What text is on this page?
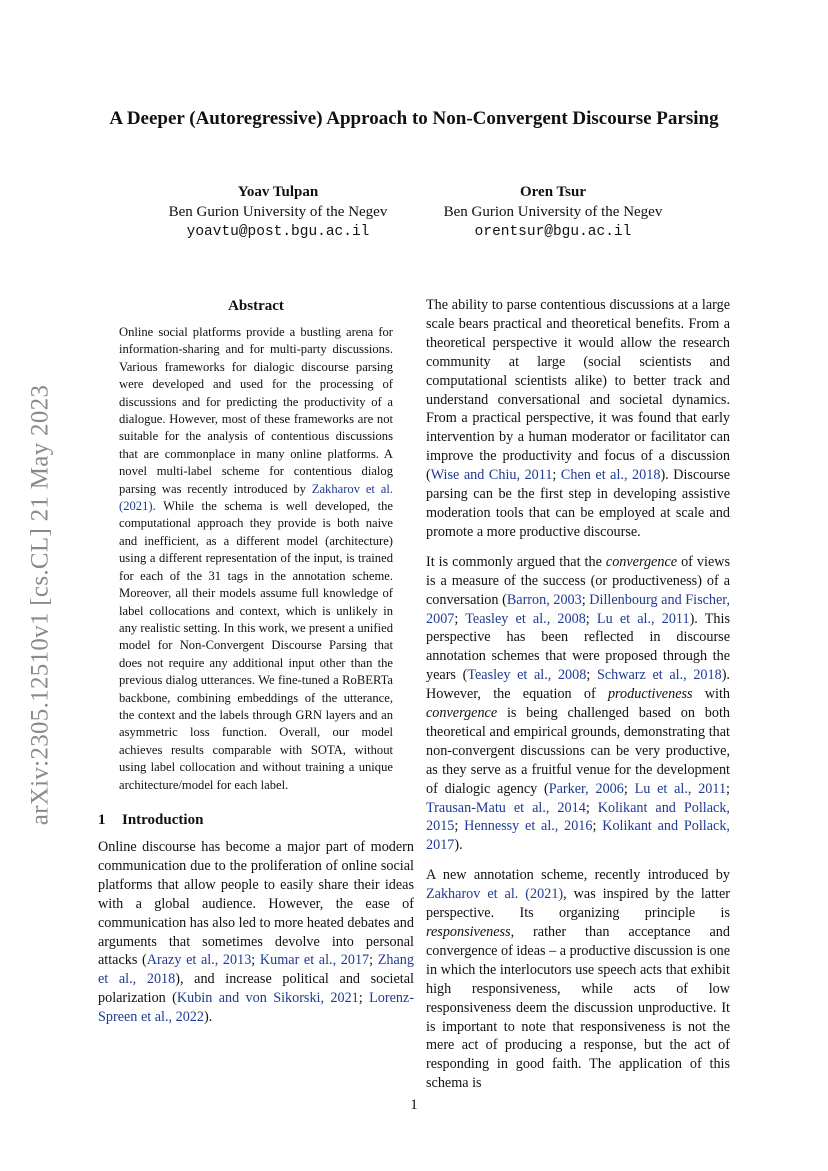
arXiv:2305.12510v1 [cs.CL] 21 May 2023
A Deeper (Autoregressive) Approach to Non-Convergent Discourse Parsing
Yoav Tulpan
Ben Gurion University of the Negev
yoavtu@post.bgu.ac.il
Oren Tsur
Ben Gurion University of the Negev
orentsur@bgu.ac.il
Abstract

Online social platforms provide a bustling arena for information-sharing and for multi-party discussions. Various frameworks for dialogic discourse parsing were developed and used for the processing of discussions and for predicting the productivity of a dialogue. However, most of these frameworks are not suitable for the analysis of contentious discussions that are commonplace in many online platforms. A novel multi-label scheme for contentious dialog parsing was recently introduced by Zakharov et al. (2021). While the schema is well developed, the computational approach they provide is both naive and inefficient, as a different model (architecture) using a different representation of the input, is trained for each of the 31 tags in the annotation scheme. Moreover, all their models assume full knowledge of label collocations and context, which is unlikely in any realistic setting. In this work, we present a unified model for Non-Convergent Discourse Parsing that does not require any additional input other than the previous dialog utterances. We fine-tuned a RoBERTa backbone, combining embeddings of the utterance, the context and the labels through GRN layers and an asymmetric loss function. Overall, our model achieves results comparable with SOTA, without using label collocation and without training a unique architecture/model for each label.

1 Introduction

Online discourse has become a major part of modern communication due to the proliferation of online social platforms that allow people to easily share their ideas with a global audience. However, the ease of communication has also led to more heated debates and arguments that sometimes devolve into personal attacks (Arazy et al., 2013; Kumar et al., 2017; Zhang et al., 2018), and increase political and societal polarization (Kubin and von Sikorski, 2021; Lorenz-Spreen et al., 2022).

The ability to parse contentious discussions at a large scale bears practical and theoretical benefits. From a theoretical perspective it would allow the research community at large (social scientists and computational scientists alike) to better track and understand conversational and societal dynamics. From a practical perspective, it was found that early intervention by a human moderator or facilitator can improve the productivity and focus of a discussion (Wise and Chiu, 2011; Chen et al., 2018). Discourse parsing can be the first step in developing assistive moderation tools that can be employed at scale and promote a more productive discourse.

It is commonly argued that the convergence of views is a measure of the success (or productiveness) of a conversation (Barron, 2003; Dillenbourg and Fischer, 2007; Teasley et al., 2008; Lu et al., 2011). This perspective has been reflected in discourse annotation schemes that were proposed through the years (Teasley et al., 2008; Schwarz et al., 2018). However, the equation of productiveness with convergence is being challenged based on both theoretical and empirical grounds, demonstrating that non-convergent discussions can be very productive, as they serve as a fruitful venue for the development of dialogic agency (Parker, 2006; Lu et al., 2011; Trausan-Matu et al., 2014; Kolikant and Pollack, 2015; Hennessy et al., 2016; Kolikant and Pollack, 2017).

A new annotation scheme, recently introduced by Zakharov et al. (2021), was inspired by the latter perspective. Its organizing principle is responsiveness, rather than acceptance and convergence of ideas – a productive discussion is one in which the interlocutors use speech acts that exhibit high responsiveness, while acts of low responsiveness deem the discussion unproductive. It is important to note that responsiveness is not the mere act of producing a response, but the act of responding in good faith. The application of this schema is

1
